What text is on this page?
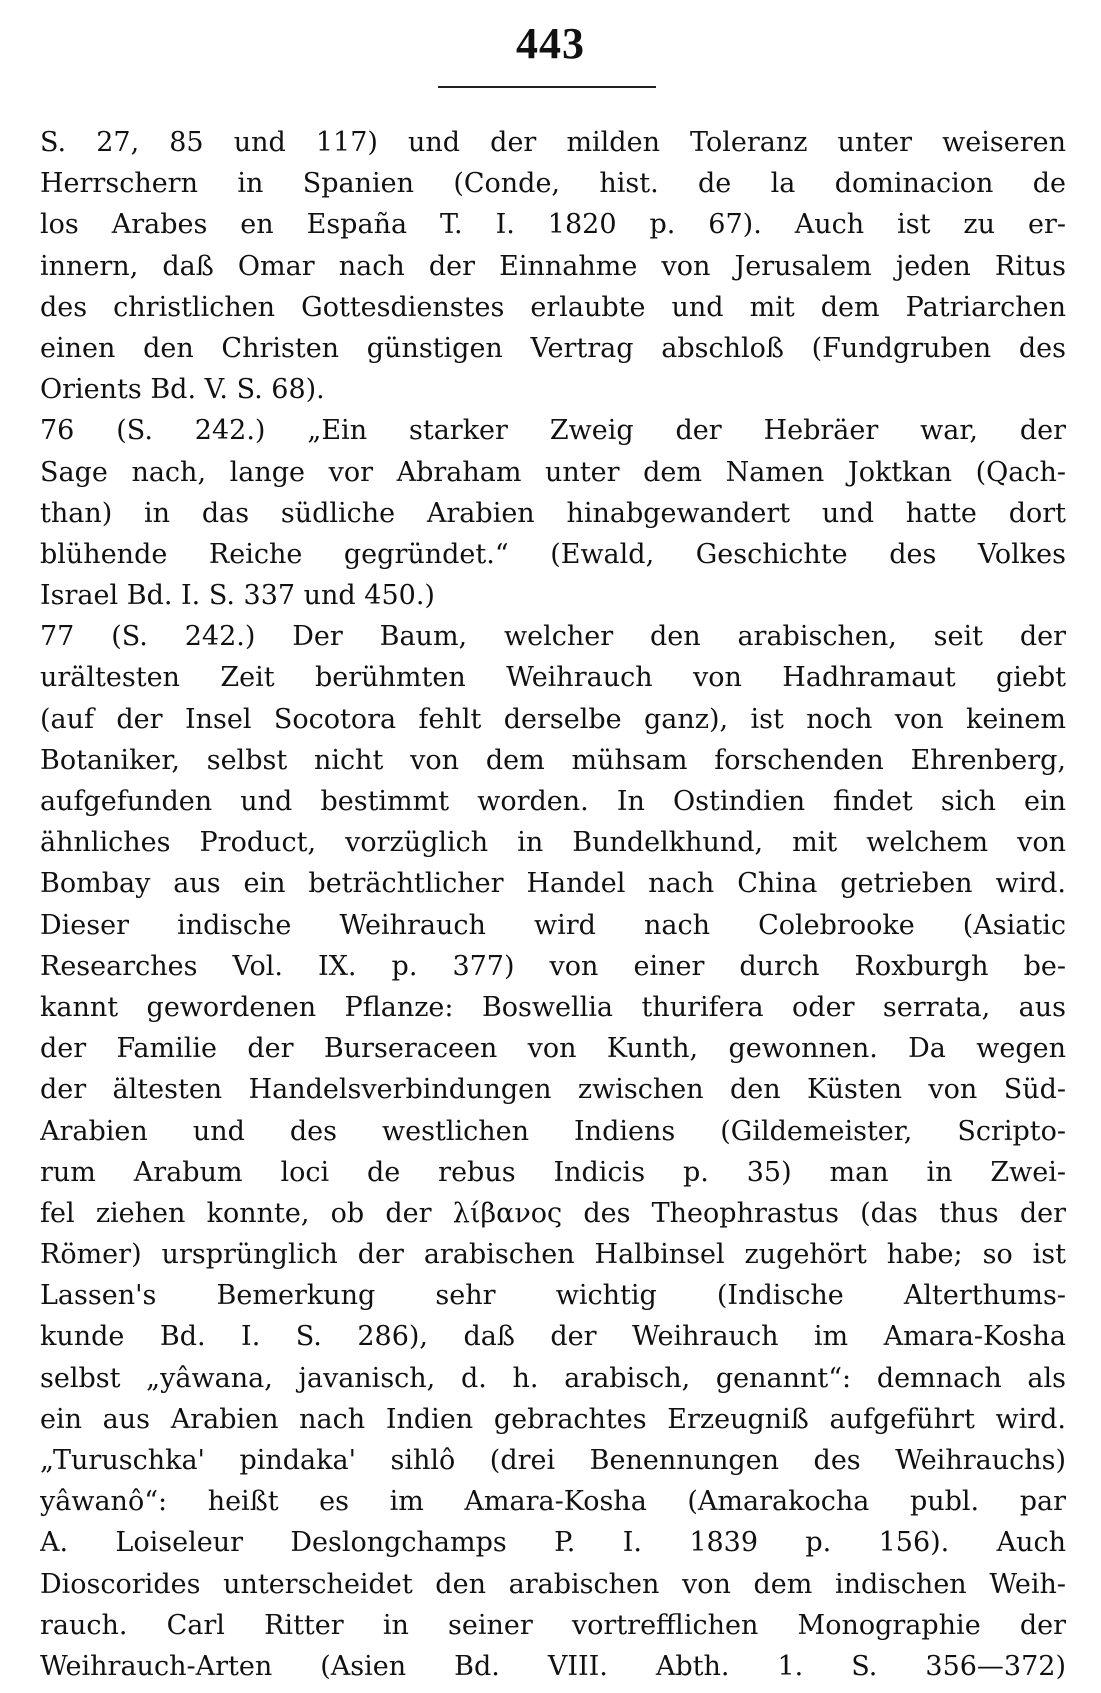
443
S. 27, 85 und 117) und der milden Toleranz unter weiseren
Herrschern in Spanien (Conde, hist. de la dominacion de
los Arabes en España T. I. 1820 p. 67). Auch ist zu er-
innern, daß Omar nach der Einnahme von Jerusalem jeden Ritus
des christlichen Gottesdienstes erlaubte und mit dem Patriarchen
einen den Christen günstigen Vertrag abschloß (Fundgruben des
Orients Bd. V. S. 68).
76 (S. 242.) „Ein starker Zweig der Hebräer war, der
Sage nach, lange vor Abraham unter dem Namen Joktkan (Qach-
than) in das südliche Arabien hinabgewandert und hatte dort
blühende Reiche gegründet.“ (Ewald, Geschichte des Volkes
Israel Bd. I. S. 337 und 450.)
77 (S. 242.) Der Baum, welcher den arabischen, seit der
urältesten Zeit berühmten Weihrauch von Hadhramaut giebt
(auf der Insel Socotora fehlt derselbe ganz), ist noch von keinem
Botaniker, selbst nicht von dem mühsam forschenden Ehrenberg,
aufgefunden und bestimmt worden. In Ostindien findet sich ein
ähnliches Product, vorzüglich in Bundelkhund, mit welchem von
Bombay aus ein beträchtlicher Handel nach China getrieben wird.
Dieser indische Weihrauch wird nach Colebrooke (Asiatic
Researches Vol. IX. p. 377) von einer durch Roxburgh be-
kannt gewordenen Pflanze: Boswellia thurifera oder serrata, aus
der Familie der Burseraceen von Kunth, gewonnen. Da wegen
der ältesten Handelsverbindungen zwischen den Küsten von Süd-
Arabien und des westlichen Indiens (Gildemeister, Scripto-
rum Arabum loci de rebus Indicis p. 35) man in Zwei-
fel ziehen konnte, ob der λίβανος des Theophrastus (das thus der
Römer) ursprünglich der arabischen Halbinsel zugehört habe; so ist
Lassen's Bemerkung sehr wichtig (Indische Alterthums-
kunde Bd. I. S. 286), daß der Weihrauch im Amara-Kosha
selbst „yâwana, javanisch, d. h. arabisch, genannt“: demnach als
ein aus Arabien nach Indien gebrachtes Erzeugniß aufgeführt wird.
„Turuschka' pindaka' sihlô (drei Benennungen des Weihrauchs)
yâwanô“: heißt es im Amara-Kosha (Amarakocha publ. par
A. Loiseleur Deslongchamps P. I. 1839 p. 156). Auch
Dioscorides unterscheidet den arabischen von dem indischen Weih-
rauch. Carl Ritter in seiner vortrefflichen Monographie der
Weihrauch-Arten (Asien Bd. VIII. Abth. 1. S. 356—372)
